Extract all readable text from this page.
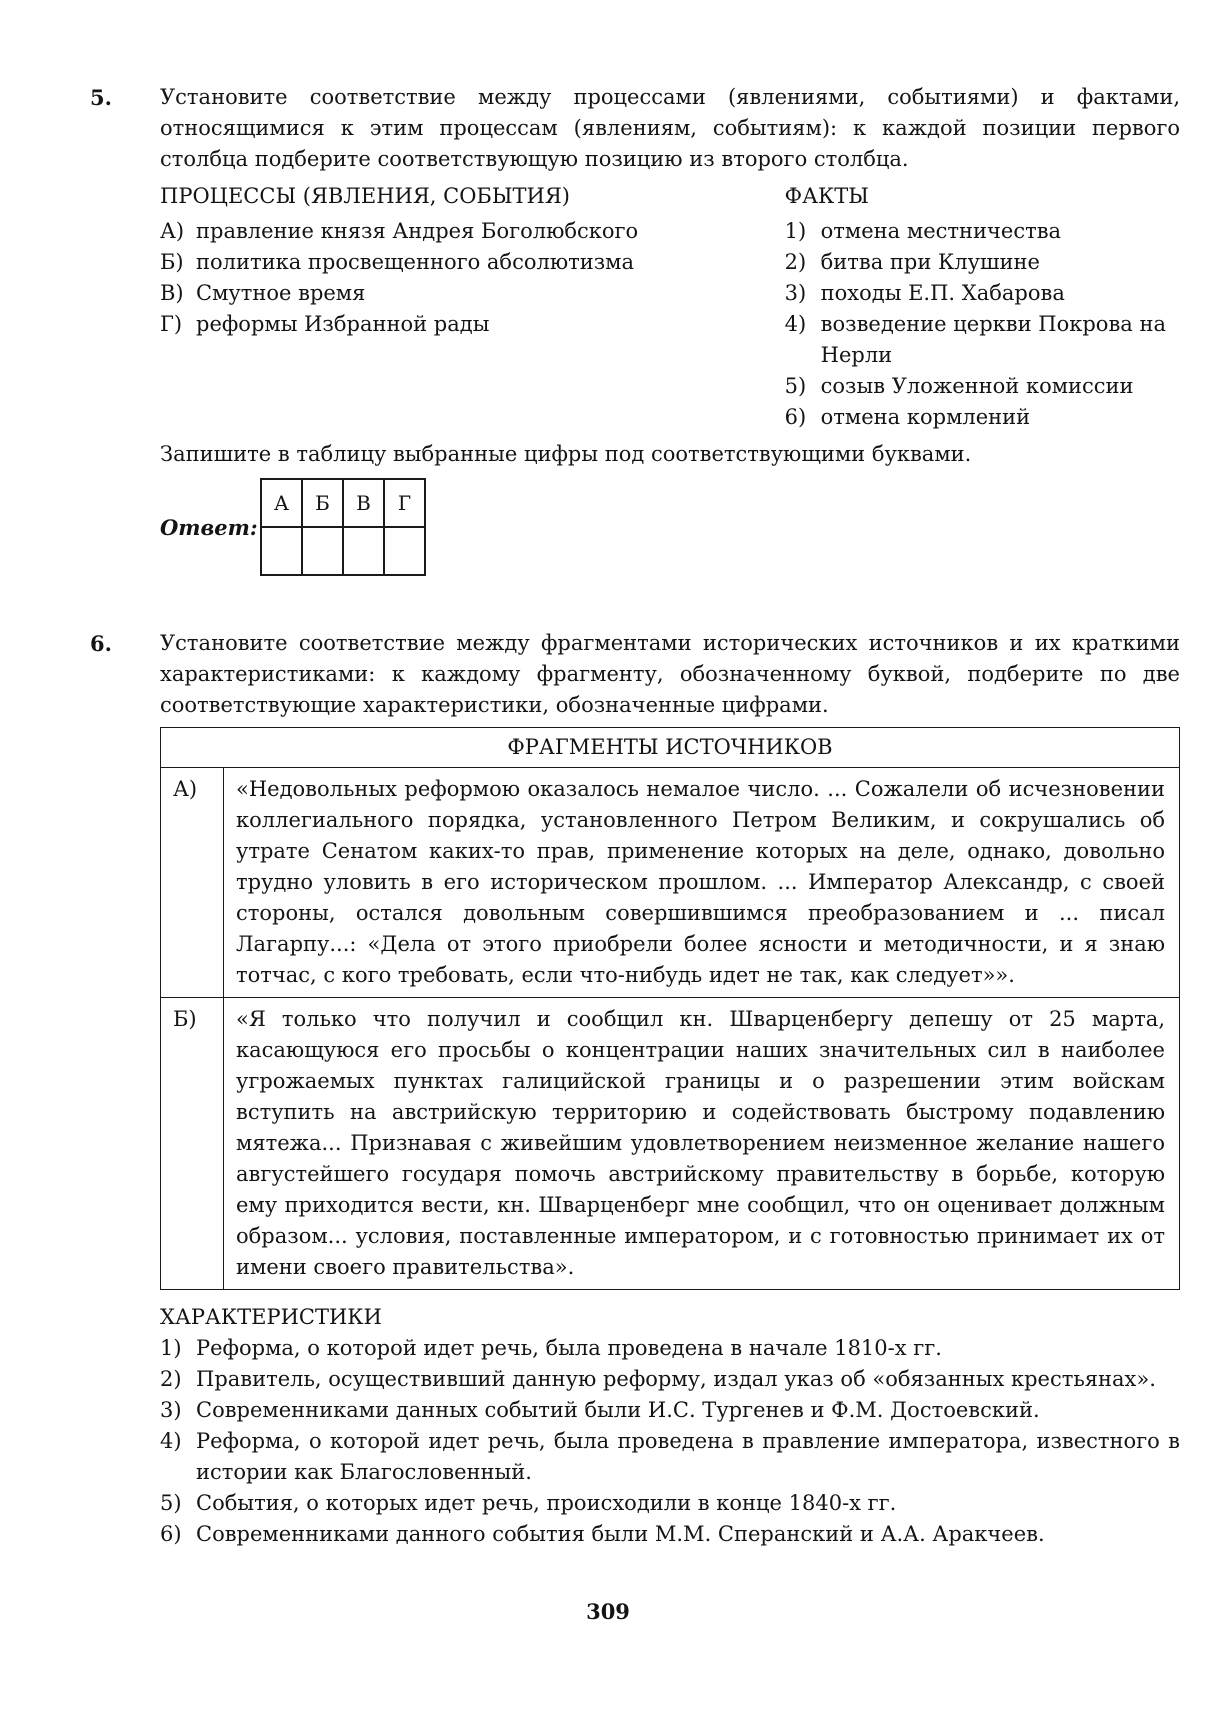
5. Установите соответствие между процессами (явлениями, событиями) и фактами, относящимися к этим процессам (явлениям, событиям): к каждой позиции первого столбца подберите соответствующую позицию из второго столбца.
ПРОЦЕССЫ (ЯВЛЕНИЯ, СОБЫТИЯ)
А) правление князя Андрея Боголюбского
Б) политика просвещенного абсолютизма
В) Смутное время
Г) реформы Избранной рады
ФАКТЫ
1) отмена местничества
2) битва при Клушине
3) походы Е.П. Хабарова
4) возведение церкви Покрова на Нерли
5) созыв Уложенной комиссии
6) отмена кормлений
Запишите в таблицу выбранные цифры под соответствующими буквами.
Ответ:
А	Б	В	Г

6. Установите соответствие между фрагментами исторических источников и их краткими характеристиками: к каждому фрагменту, обозначенному буквой, подберите по две соответствующие характеристики, обозначенные цифрами.
ФРАГМЕНТЫ ИСТОЧНИКОВ	
А)	«Недовольных реформою оказалось немалое число. ... Сожалели об исчезновении коллегиального порядка, установленного Петром Великим, и сокрушались об утрате Сенатом каких-то прав, применение которых на деле, однако, довольно трудно уловить в его историческом прошлом. ... Император Александр, с своей стороны, остался довольным совершившимся преобразованием и ... писал Лагарпу...: «Дела от этого приобрели более ясности и методичности, и я знаю тотчас, с кого требовать, если что-нибудь идет не так, как следует»».
Б)	«Я только что получил и сообщил кн. Шварценбергу депешу от 25 марта, касающуюся его просьбы о концентрации наших значительных сил в наиболее угрожаемых пунктах галицийской границы и о разрешении этим войскам вступить на австрийскую территорию и содействовать быстрому подавлению мятежа... Признавая с живейшим удовлетворением неизменное желание нашего августейшего государя помочь австрийскому правительству в борьбе, которую ему приходится вести, кн. Шварценберг мне сообщил, что он оценивает должным образом... условия, поставленные императором, и с готовностью принимает их от имени своего правительства».
ХАРАКТЕРИСТИКИ
1) Реформа, о которой идет речь, была проведена в начале 1810-х гг.
2) Правитель, осуществивший данную реформу, издал указ об «обязанных крестьянах».
3) Современниками данных событий были И.С. Тургенев и Ф.М. Достоевский.
4) Реформа, о которой идет речь, была проведена в правление императора, известного в истории как Благословенный.
5) События, о которых идет речь, происходили в конце 1840-х гг.
6) Современниками данного события были М.М. Сперанский и А.А. Аракчеев.
309
